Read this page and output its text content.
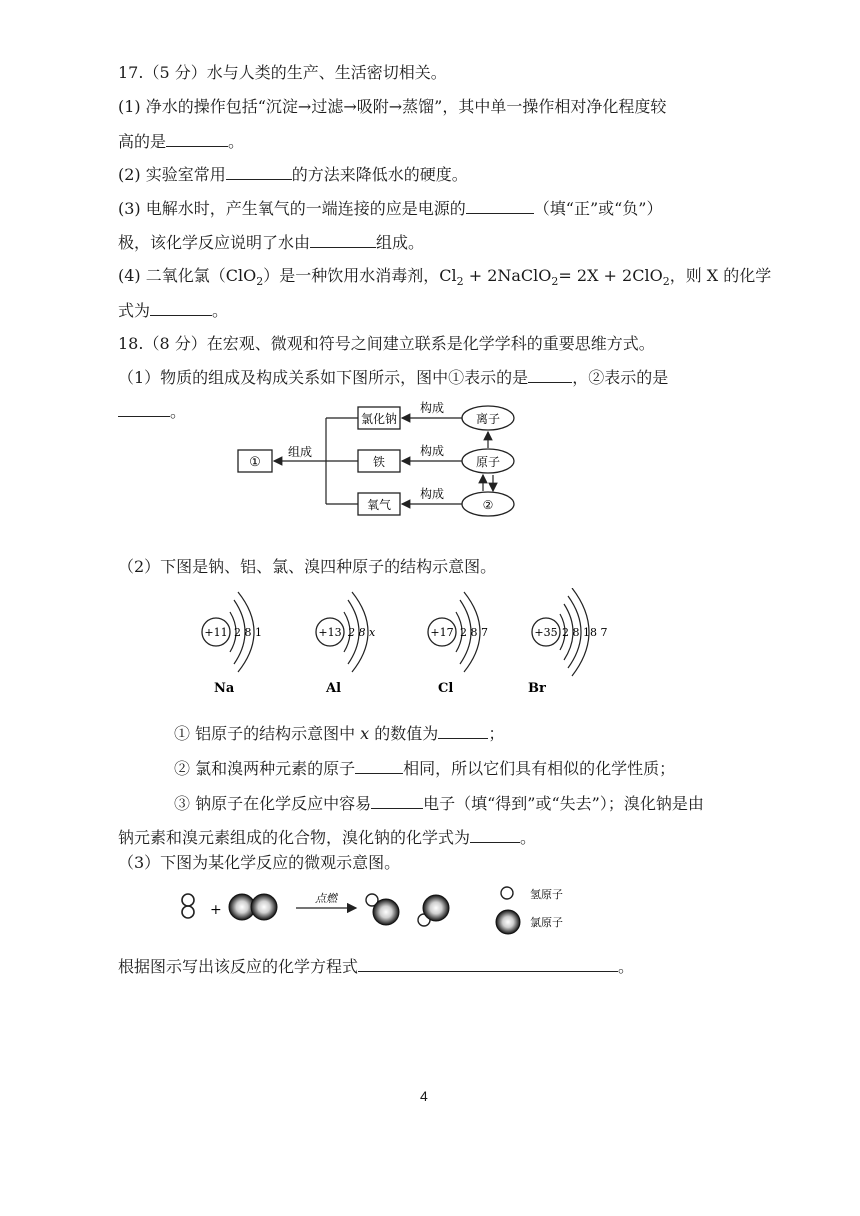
17.（5 分）水与人类的生产、生活密切相关。
(1) 净水的操作包括“沉淀→过滤→吸附→蒸馏”，其中单一操作相对净化程度较
高的是	。
(2) 实验室常用	的方法来降低水的硬度。
(3) 电解水时，产生氧气的一端连接的应是电源的	（填“正”或“负”）
极，该化学反应说明了水由	组成。
(4) 二氧化氯（ClO$_2$）是一种饮用水消毒剂，$Cl_2$ + 2NaClO$_2$= 2X + 2ClO$_2$，则 X 的化学
式为	。
18.（8 分）在宏观、微观和符号之间建立联系是化学学科的重要思维方式。
（1）物质的组成及构成关系如下图所示，图中①表示的是	，②表示的是
。
①
组成
氯化钠
铁
氧气
构成
构成
构成
离子
原子
②
（2）下图是钠、铝、氯、溴四种原子的结构示意图。
+11 2 8 1
Na
+13 2 8 x
Al
+17 2 8 7
Cl
+35 2 8 18 7
Br
① 铝原子的结构示意图中 x 的数值为	；
② 氯和溴两种元素的原子	相同，所以它们具有相似的化学性质；
③ 钠原子在化学反应中容易	电子（填“得到”或“失去”）；溴化钠是由
钠元素和溴元素组成的化合物，溴化钠的化学式为	。
（3）下图为某化学反应的微观示意图。
+
点燃	氢原子
氯原子
根据图示写出该反应的化学方程式	。
4
